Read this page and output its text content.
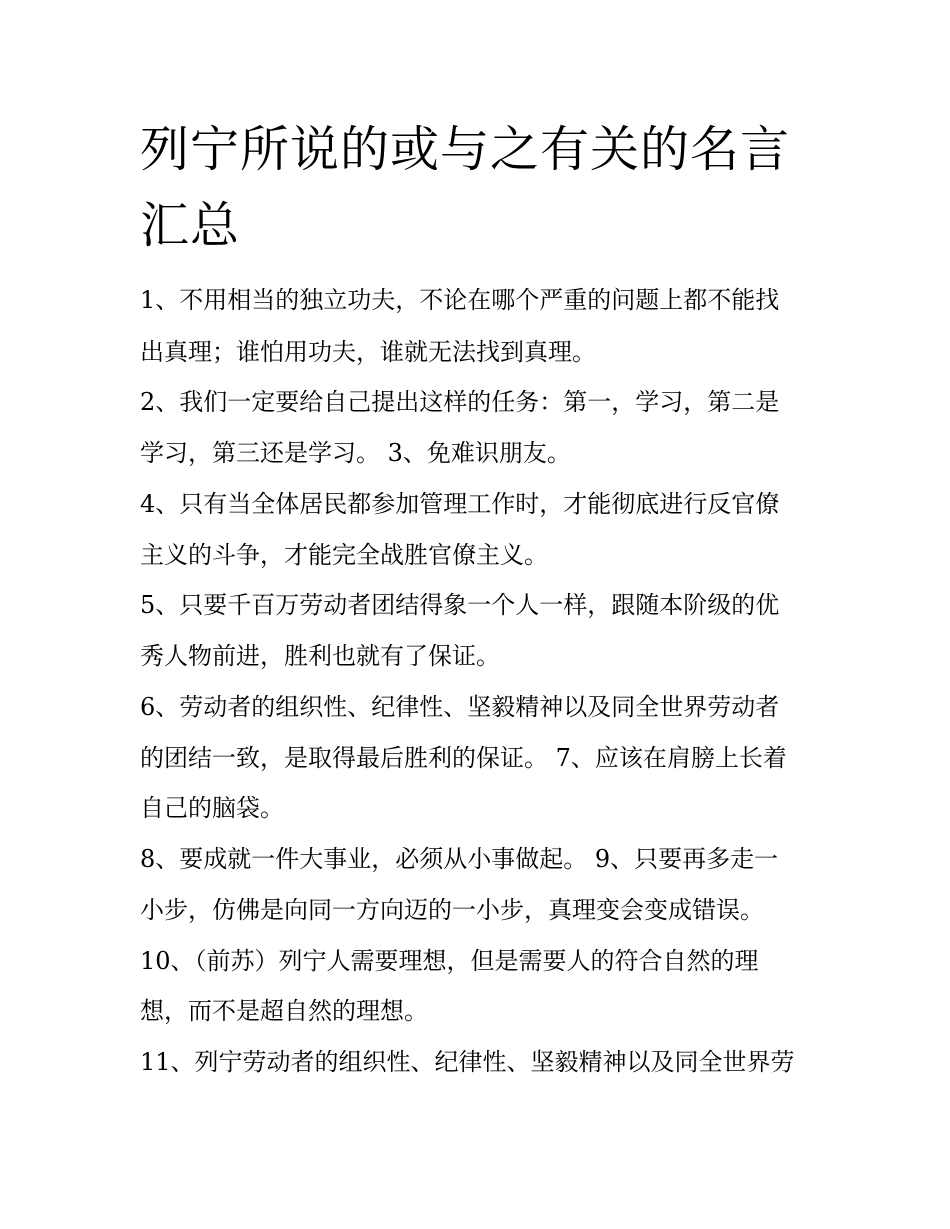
列宁所说的或与之有关的名言汇总

1、不用相当的独立功夫，不论在哪个严重的问题上都不能找

出真理；谁怕用功夫，谁就无法找到真理。

2、我们一定要给自己提出这样的任务：第一，学习，第二是

学习，第三还是学习。 3、免难识朋友。

4、只有当全体居民都参加管理工作时，才能彻底进行反官僚

主义的斗争，才能完全战胜官僚主义。

5、只要千百万劳动者团结得象一个人一样，跟随本阶级的优

秀人物前进，胜利也就有了保证。

6、劳动者的组织性、纪律性、坚毅精神以及同全世界劳动者

的团结一致，是取得最后胜利的保证。 7、应该在肩膀上长着

自己的脑袋。

8、要成就一件大事业，必须从小事做起。 9、只要再多走一

小步，仿佛是向同一方向迈的一小步，真理变会变成错误。

10、（前苏）列宁人需要理想，但是需要人的符合自然的理

想，而不是超自然的理想。

11、列宁劳动者的组织性、纪律性、坚毅精神以及同全世界劳
